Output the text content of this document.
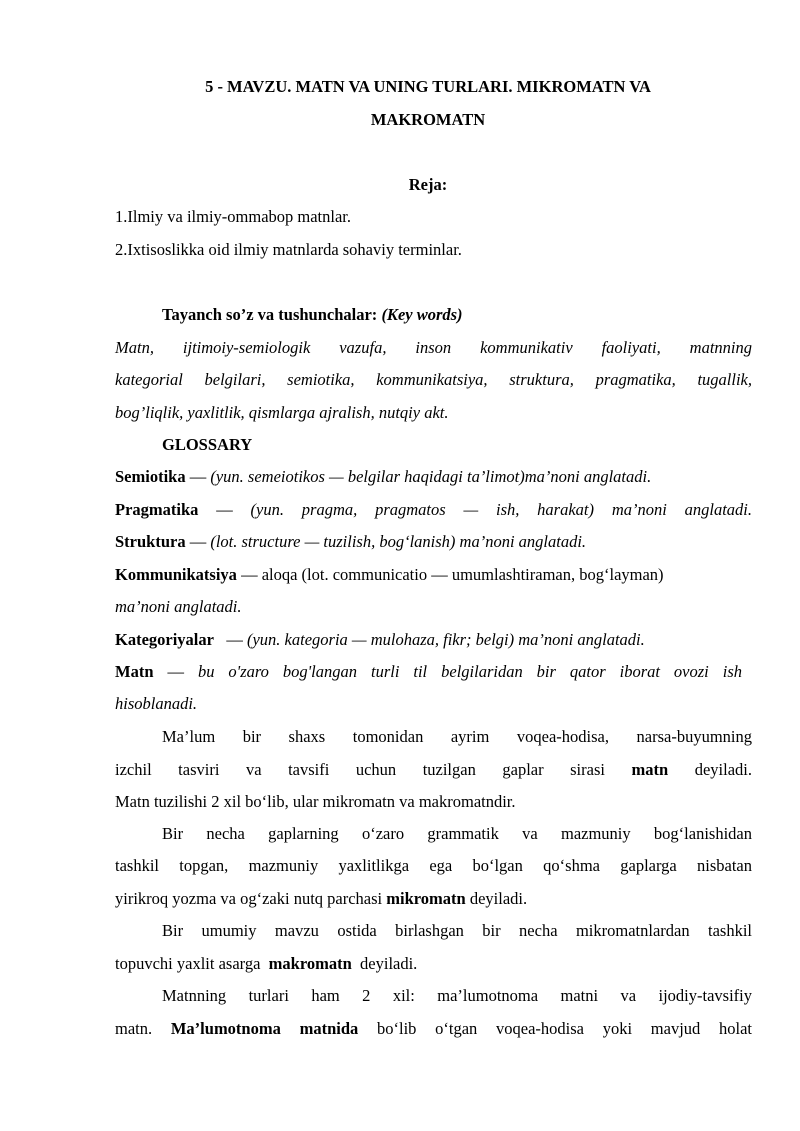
5 - MAVZU. MATN VA UNING TURLARI. MIKROMATN VA
MAKROMATN
Reja:
1.Ilmiy va ilmiy-ommabop matnlar.
2.Ixtisoslikka oid ilmiy matnlarda sohaviy terminlar.
Tayanch so’z va tushunchalar: (Key words)
Matn, ijtimoiy-semiologik vazufa, inson kommunikativ faoliyati, matnning
kategorial belgilari, semiotika, kommunikatsiya, struktura, pragmatika, tugallik,
bog’liqlik, yaxlitlik, qismlarga ajralish, nutqiy akt.
GLOSSARY
Semiotika — (yun. semeiotikos — belgilar haqidagi ta’limot)ma’noni anglatadi.
Pragmatika — (yun. pragma, pragmatos — ish, harakat) ma’noni anglatadi.
Struktura — (lot. structure — tuzilish, bog‘lanish) ma’noni anglatadi.
Kommunikatsiya — aloqa (lot. communicatio — umumlashtiraman, bog‘layman)
ma’noni anglatadi.
Kategoriyalar   — (yun. kategoria — mulohaza, fikr; belgi) ma’noni anglatadi.
Matn — bu o'zaro bog'langan turli til belgilaridan bir qator iborat ovozi ish
hisoblanadi.
Ma’lum bir shaxs tomonidan ayrim voqea-hodisa, narsa-buyumning
izchil tasviri va tavsifi uchun tuzilgan gaplar sirasi matn deyiladi.
Matn tuzilishi 2 xil bo‘lib, ular mikromatn va makromatndir.
Bir necha gaplarning o‘zaro grammatik va mazmuniy bog‘lanishidan
tashkil topgan, mazmuniy yaxlitlikga ega bo‘lgan qo‘shma gaplarga nisbatan
yirikroq yozma va og‘zaki nutq parchasi mikromatn deyiladi.
Bir umumiy mavzu ostida birlashgan bir necha mikromatnlardan tashkil
topuvchi yaxlit asarga makromatn deyiladi.
Matnning turlari ham 2 xil: ma’lumotnoma matni va ijodiy-tavsifiy
matn. Ma’lumotnoma matnida bo‘lib o‘tgan voqea-hodisa yoki mavjud holat
